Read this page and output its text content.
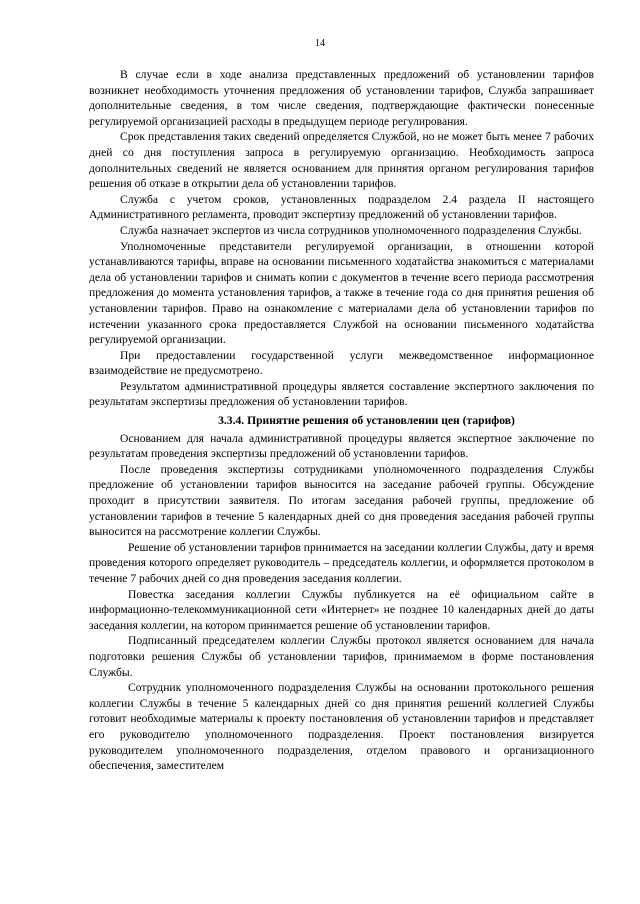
14

В случае если в ходе анализа представленных предложений об установлении тарифов возникнет необходимость уточнения предложения об установлении тарифов, Служба запрашивает дополнительные сведения, в том числе сведения, подтверждающие фактически понесенные регулируемой организацией расходы в предыдущем периоде регулирования.

Срок представления таких сведений определяется Службой, но не может быть менее 7 рабочих дней со дня поступления запроса в регулируемую организацию. Необходимость запроса дополнительных сведений не является основанием для принятия органом регулирования тарифов решения об отказе в открытии дела об установлении тарифов.

Служба с учетом сроков, установленных подразделом 2.4 раздела II настоящего Административного регламента, проводит экспертизу предложений об установлении тарифов.

Служба назначает экспертов из числа сотрудников уполномоченного подразделения Службы.

Уполномоченные представители регулируемой организации, в отношении которой устанавливаются тарифы, вправе на основании письменного ходатайства знакомиться с материалами дела об установлении тарифов и снимать копии с документов в течение всего периода рассмотрения предложения до момента установления тарифов, а также в течение года со дня принятия решения об установлении тарифов. Право на ознакомление с материалами дела об установлении тарифов по истечении указанного срока предоставляется Службой на основании письменного ходатайства регулируемой организации.

При предоставлении государственной услуги межведомственное информационное взаимодействие не предусмотрено.

Результатом административной процедуры является составление экспертного заключения по результатам экспертизы предложения об установлении тарифов.

3.3.4. Принятие решения об установлении цен (тарифов)

Основанием для начала административной процедуры является экспертное заключение по результатам проведения экспертизы предложений об установлении тарифов.

После проведения экспертизы сотрудниками уполномоченного подразделения Службы предложение об установлении тарифов выносится на заседание рабочей группы. Обсуждение проходит в присутствии заявителя. По итогам заседания рабочей группы, предложение об установлении тарифов в течение 5 календарных дней со дня проведения заседания рабочей группы выносится на рассмотрение коллегии Службы.

Решение об установлении тарифов принимается на заседании коллегии Службы, дату и время проведения которого определяет руководитель – председатель коллегии, и оформляется протоколом в течение 7 рабочих дней со дня проведения заседания коллегии.

Повестка заседания коллегии Службы публикуется на её официальном сайте в информационно-телекоммуникационной сети «Интернет» не позднее 10 календарных дней до даты заседания коллегии, на котором принимается решение об установлении тарифов.

Подписанный председателем коллегии Службы протокол является основанием для начала подготовки решения Службы об установлении тарифов, принимаемом в форме постановления Службы.

Сотрудник уполномоченного подразделения Службы на основании протокольного решения коллегии Службы в течение 5 календарных дней со дня принятия решений коллегией Службы готовит необходимые материалы к проекту постановления об установлении тарифов и представляет его руководителю уполномоченного подразделения. Проект постановления визируется руководителем уполномоченного подразделения, отделом правового и организационного обеспечения, заместителем
